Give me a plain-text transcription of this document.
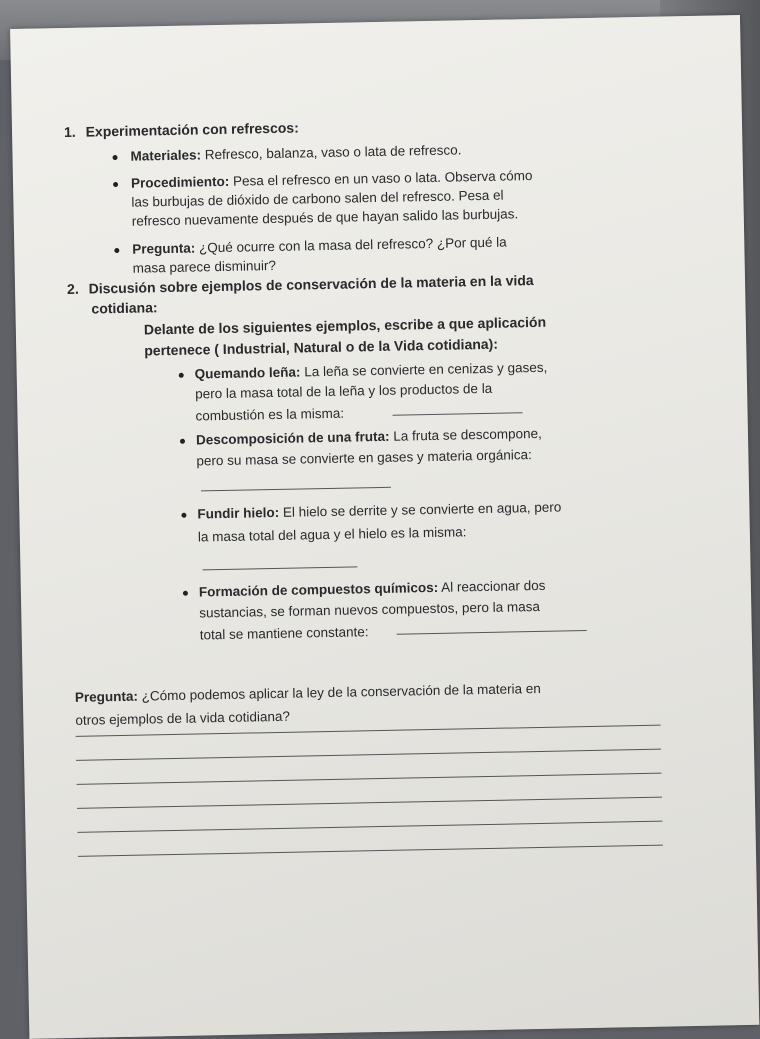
1. Experimentación con refrescos:

Materiales: Refresco, balanza, vaso o lata de refresco.

Procedimiento: Pesa el refresco en un vaso o lata. Observa cómo

las burbujas de dióxido de carbono salen del refresco. Pesa el

refresco nuevamente después de que hayan salido las burbujas.

Pregunta: ¿Qué ocurre con la masa del refresco? ¿Por qué la

masa parece disminuir?

2. Discusión sobre ejemplos de conservación de la materia en la vida

cotidiana:

Delante de los siguientes ejemplos, escribe a que aplicación

pertenece ( Industrial, Natural o de la Vida cotidiana):

Quemando leña: La leña se convierte en cenizas y gases,

pero la masa total de la leña y los productos de la

combustión es la misma:

Descomposición de una fruta: La fruta se descompone,

pero su masa se convierte en gases y materia orgánica:

Fundir hielo: El hielo se derrite y se convierte en agua, pero

la masa total del agua y el hielo es la misma:

Formación de compuestos químicos: Al reaccionar dos

sustancias, se forman nuevos compuestos, pero la masa

total se mantiene constante:

Pregunta: ¿Cómo podemos aplicar la ley de la conservación de la materia en

otros ejemplos de la vida cotidiana?
